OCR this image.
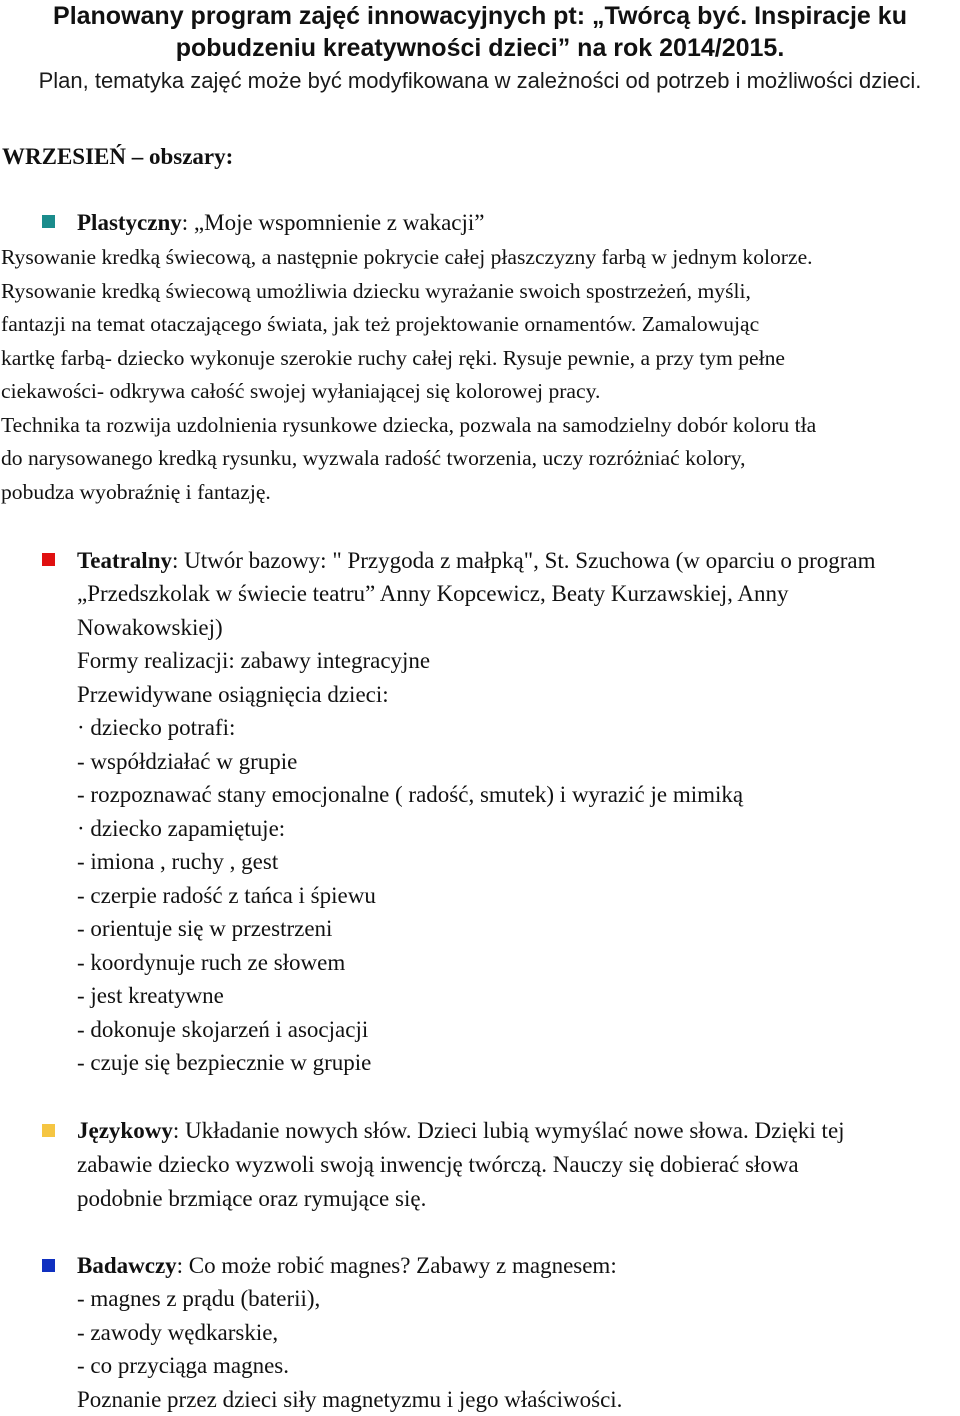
Planowany program zajęć innowacyjnych pt: „Twórcą być. Inspiracje ku
pobudzeniu kreatywności dzieci” na rok 2014/2015.

Plan, tematyka zajęć może być modyfikowana w zależności od potrzeb i możliwości dzieci.

WRZESIEŃ – obszary:
Plastyczny: „Moje wspomnienie z wakacji”
Rysowanie kredką świecową, a następnie pokrycie całej płaszczyzny farbą w jednym kolorze.
Rysowanie kredką świecową umożliwia dziecku wyrażanie swoich spostrzeżeń, myśli,
fantazji na temat otaczającego świata, jak też projektowanie ornamentów. Zamalowując
kartkę farbą- dziecko wykonuje szerokie ruchy całej ręki. Rysuje pewnie, a przy tym pełne
ciekawości- odkrywa całość swojej wyłaniającej się kolorowej pracy.
Technika ta rozwija uzdolnienia rysunkowe dziecka, pozwala na samodzielny dobór koloru tła
do narysowanego kredką rysunku, wyzwala radość tworzenia, uczy rozróżniać kolory,
pobudza wyobraźnię i fantazję.
Teatralny: Utwór bazowy: " Przygoda z małpką", St. Szuchowa (w oparciu o program
„Przedszkolak w świecie teatru” Anny Kopcewicz, Beaty Kurzawskiej, Anny
Nowakowskiej)
Formy realizacji: zabawy integracyjne
Przewidywane osiągnięcia dzieci:
· dziecko potrafi:
- współdziałać w grupie
- rozpoznawać stany emocjonalne ( radość, smutek) i wyrazić je mimiką
· dziecko zapamiętuje:
- imiona , ruchy , gest
- czerpie radość z tańca i śpiewu
- orientuje się w przestrzeni
- koordynuje ruch ze słowem
- jest kreatywne
- dokonuje skojarzeń i asocjacji
- czuje się bezpiecznie w grupie
Językowy: Układanie nowych słów. Dzieci lubią wymyślać nowe słowa. Dzięki tej
zabawie dziecko wyzwoli swoją inwencję twórczą. Nauczy się dobierać słowa
podobnie brzmiące oraz rymujące się.
Badawczy: Co może robić magnes? Zabawy z magnesem:
- magnes z prądu (baterii),
- zawody wędkarskie,
- co przyciąga magnes.
Poznanie przez dzieci siły magnetyzmu i jego właściwości.
